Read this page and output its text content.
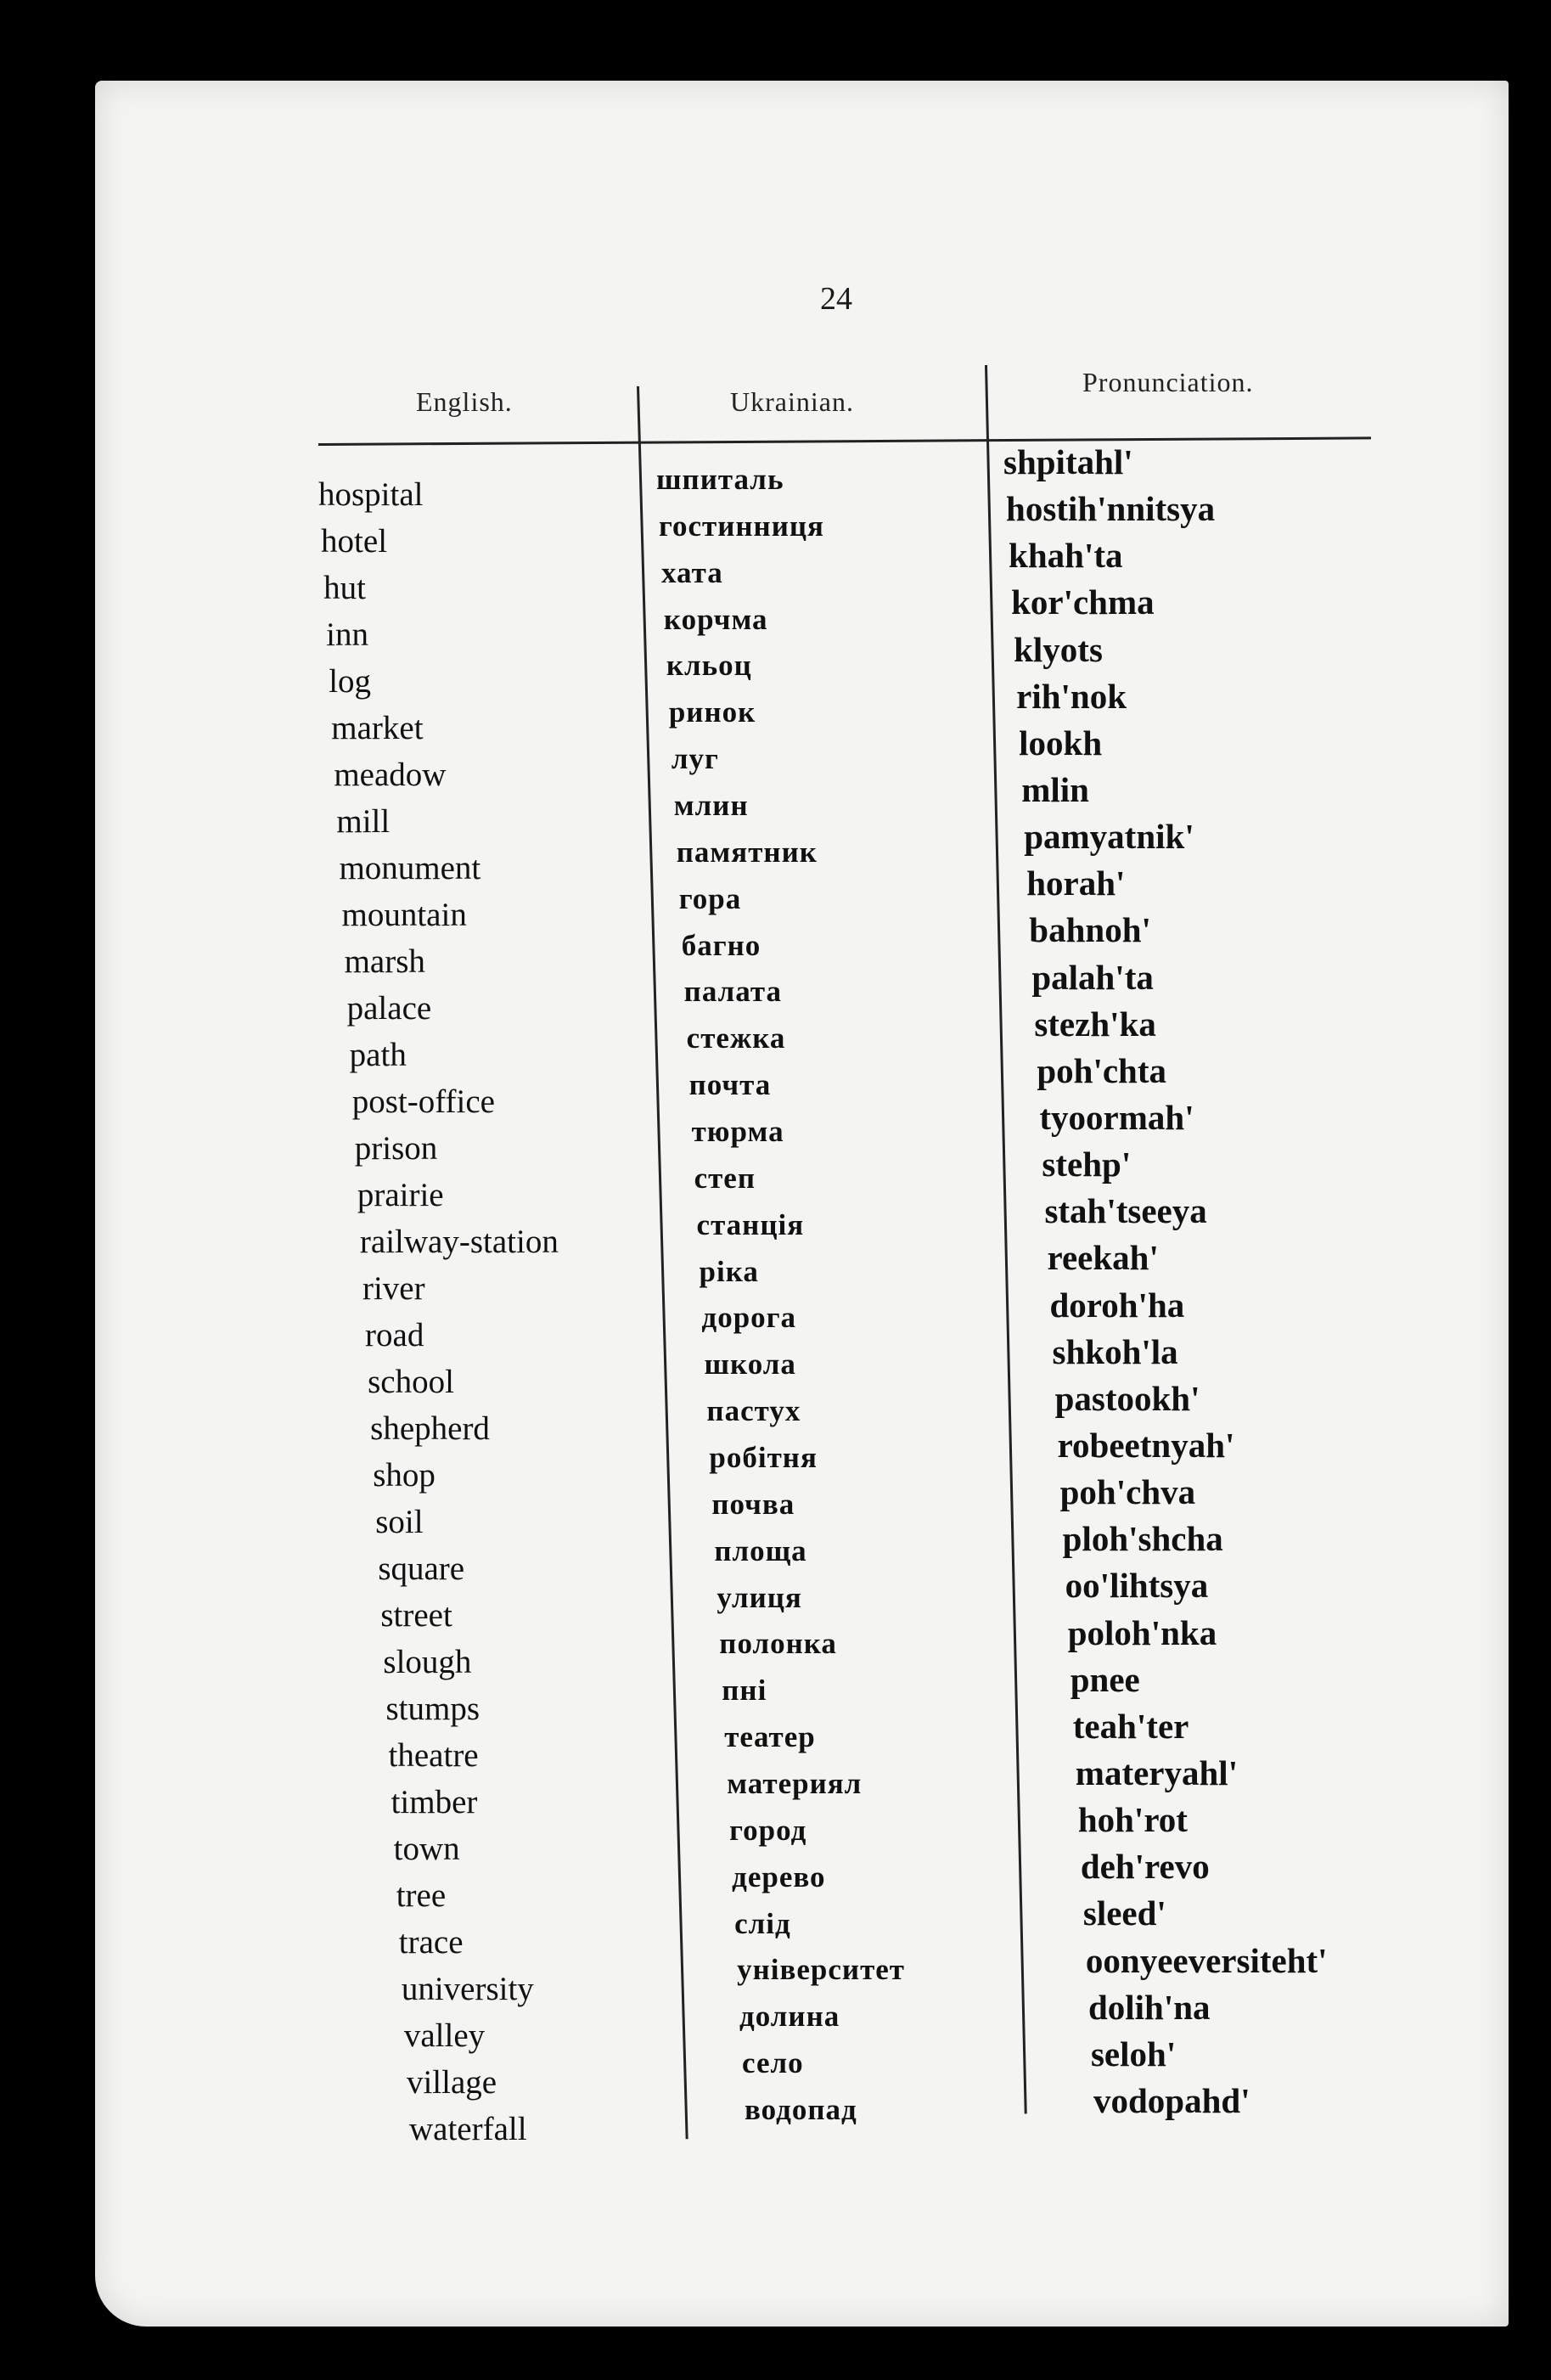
24
English.	Ukrainian.
Pronunciation.
hospital
hotel
hut
inn
log
market
meadow
mill
monument
mountain
marsh
palace
path
post-office
prison
prairie
railway-station
river
road
school
shepherd
shop
soil
square
street
slough
stumps
theatre
timber
town
tree
trace
university
valley
village
waterfall
шпиталь
гостинниця
хата
корчма
кльоц
ринок
луг
млин
памятник
гора
багно
палата
стежка
почта
тюрма
степ
станція
ріка
дорога
школа
пастух
робітня
почва
площа
улиця
полонка
пні
театер
материял
город
дерево
слід
університет
долина
село
водопад
shpitahl'
hostih'nnitsya
khah'ta
kor'chma
klyots
rih'nok
lookh
mlin
pamyatnik'
horah'
bahnoh'
palah'ta
stezh'ka
poh'chta
tyoormah'
stehp'
stah'tseeya
reekah'
doroh'ha
shkoh'la
pastookh'
robeetnyah'
poh'chva
ploh'shcha
oo'lihtsya
poloh'nka
pnee
teah'ter
materyahl'
hoh'rot
deh'revo
sleed'
oonyeeversiteht'
dolih'na
seloh'
vodopahd'
